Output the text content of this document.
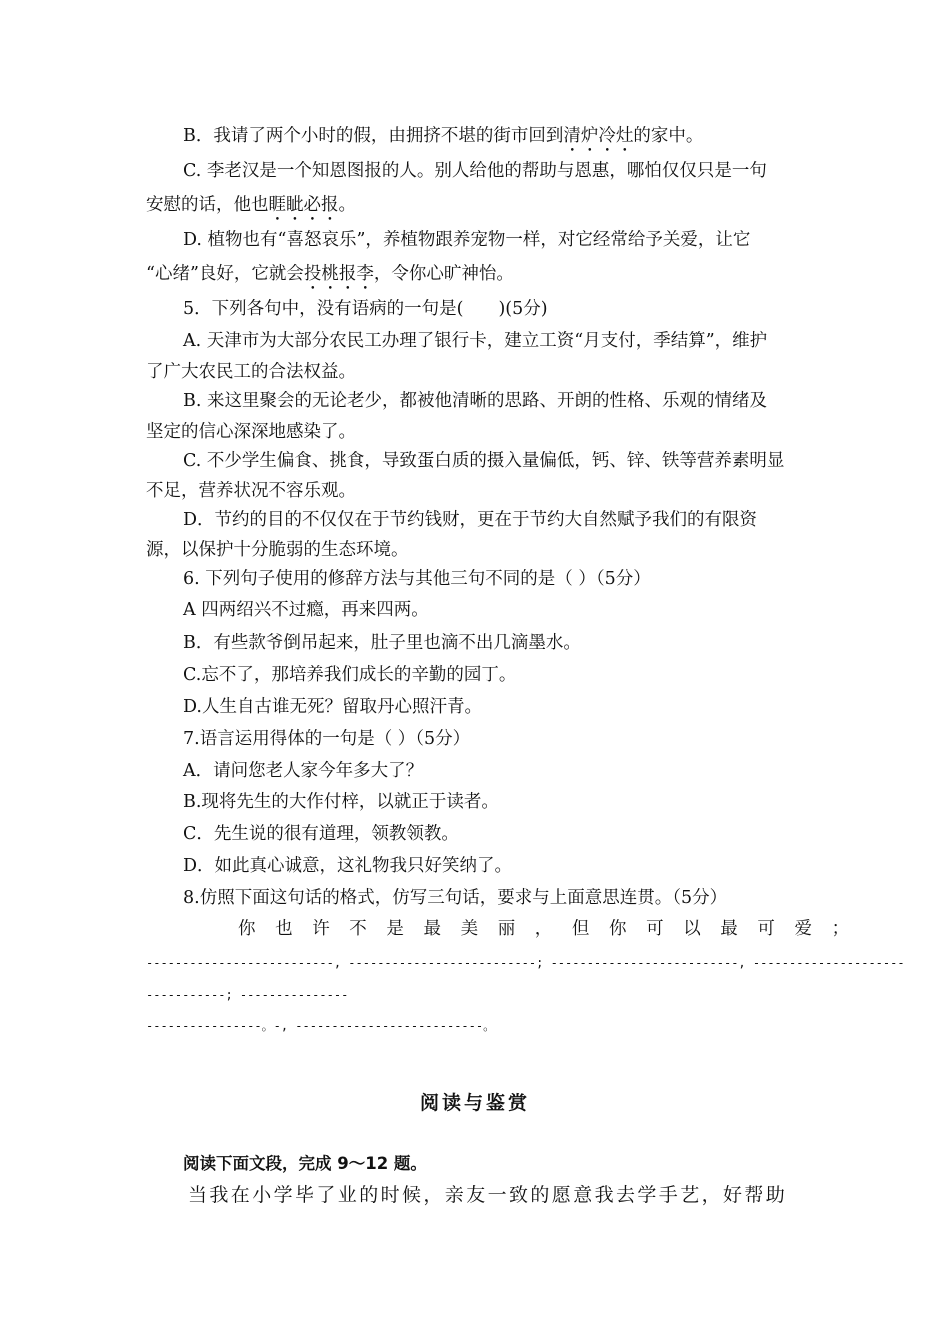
B．我请了两个小时的假，由拥挤不堪的街市回到清炉冷灶的家中。
C. 李老汉是一个知恩图报的人。别人给他的帮助与恩惠，哪怕仅仅只是一句
安慰的话，他也睚眦必报。
D. 植物也有“喜怒哀乐”，养植物跟养宠物一样，对它经常给予关爱，让它
“心绪”良好，它就会投桃报李，令你心旷神怡。
5．下列各句中，没有语病的一句是(　　)(5分)
A. 天津市为大部分农民工办理了银行卡，建立工资“月支付，季结算”，维护
了广大农民工的合法权益。
B. 来这里聚会的无论老少，都被他清晰的思路、开朗的性格、乐观的情绪及
坚定的信心深深地感染了。
C. 不少学生偏食、挑食，导致蛋白质的摄入量偏低，钙、锌、铁等营养素明显
不足，营养状况不容乐观。
D．节约的目的不仅仅在于节约钱财，更在于节约大自然赋予我们的有限资
源，以保护十分脆弱的生态环境。
6. 下列句子使用的修辞方法与其他三句不同的是（ ）（5分）
A 四两绍兴不过瘾，再来四两。
B．有些款爷倒吊起来，肚子里也滴不出几滴墨水。
C.忘不了，那培养我们成长的辛勤的园丁。
D.人生自古谁无死？留取丹心照汗青。
7.语言运用得体的一句是（ ）（5分）
A．请问您老人家今年多大了？
B.现将先生的大作付梓，以就正于读者。
C．先生说的很有道理，领教领教。
D．如此真心诚意，这礼物我只好笑纳了。
8.仿照下面这句话的格式，仿写三句话，要求与上面意思连贯。（5分）
你也许不是最美丽，但你可以最可爱；
--------------------------, --------------------------; --------------------------, ---------------------
-----------; ---------------
----------------。-, --------------------------。
阅读与鉴赏
阅读下面文段，完成 9～12 题。
当我在小学毕了业的时候，亲友一致的愿意我去学手艺，好帮助
